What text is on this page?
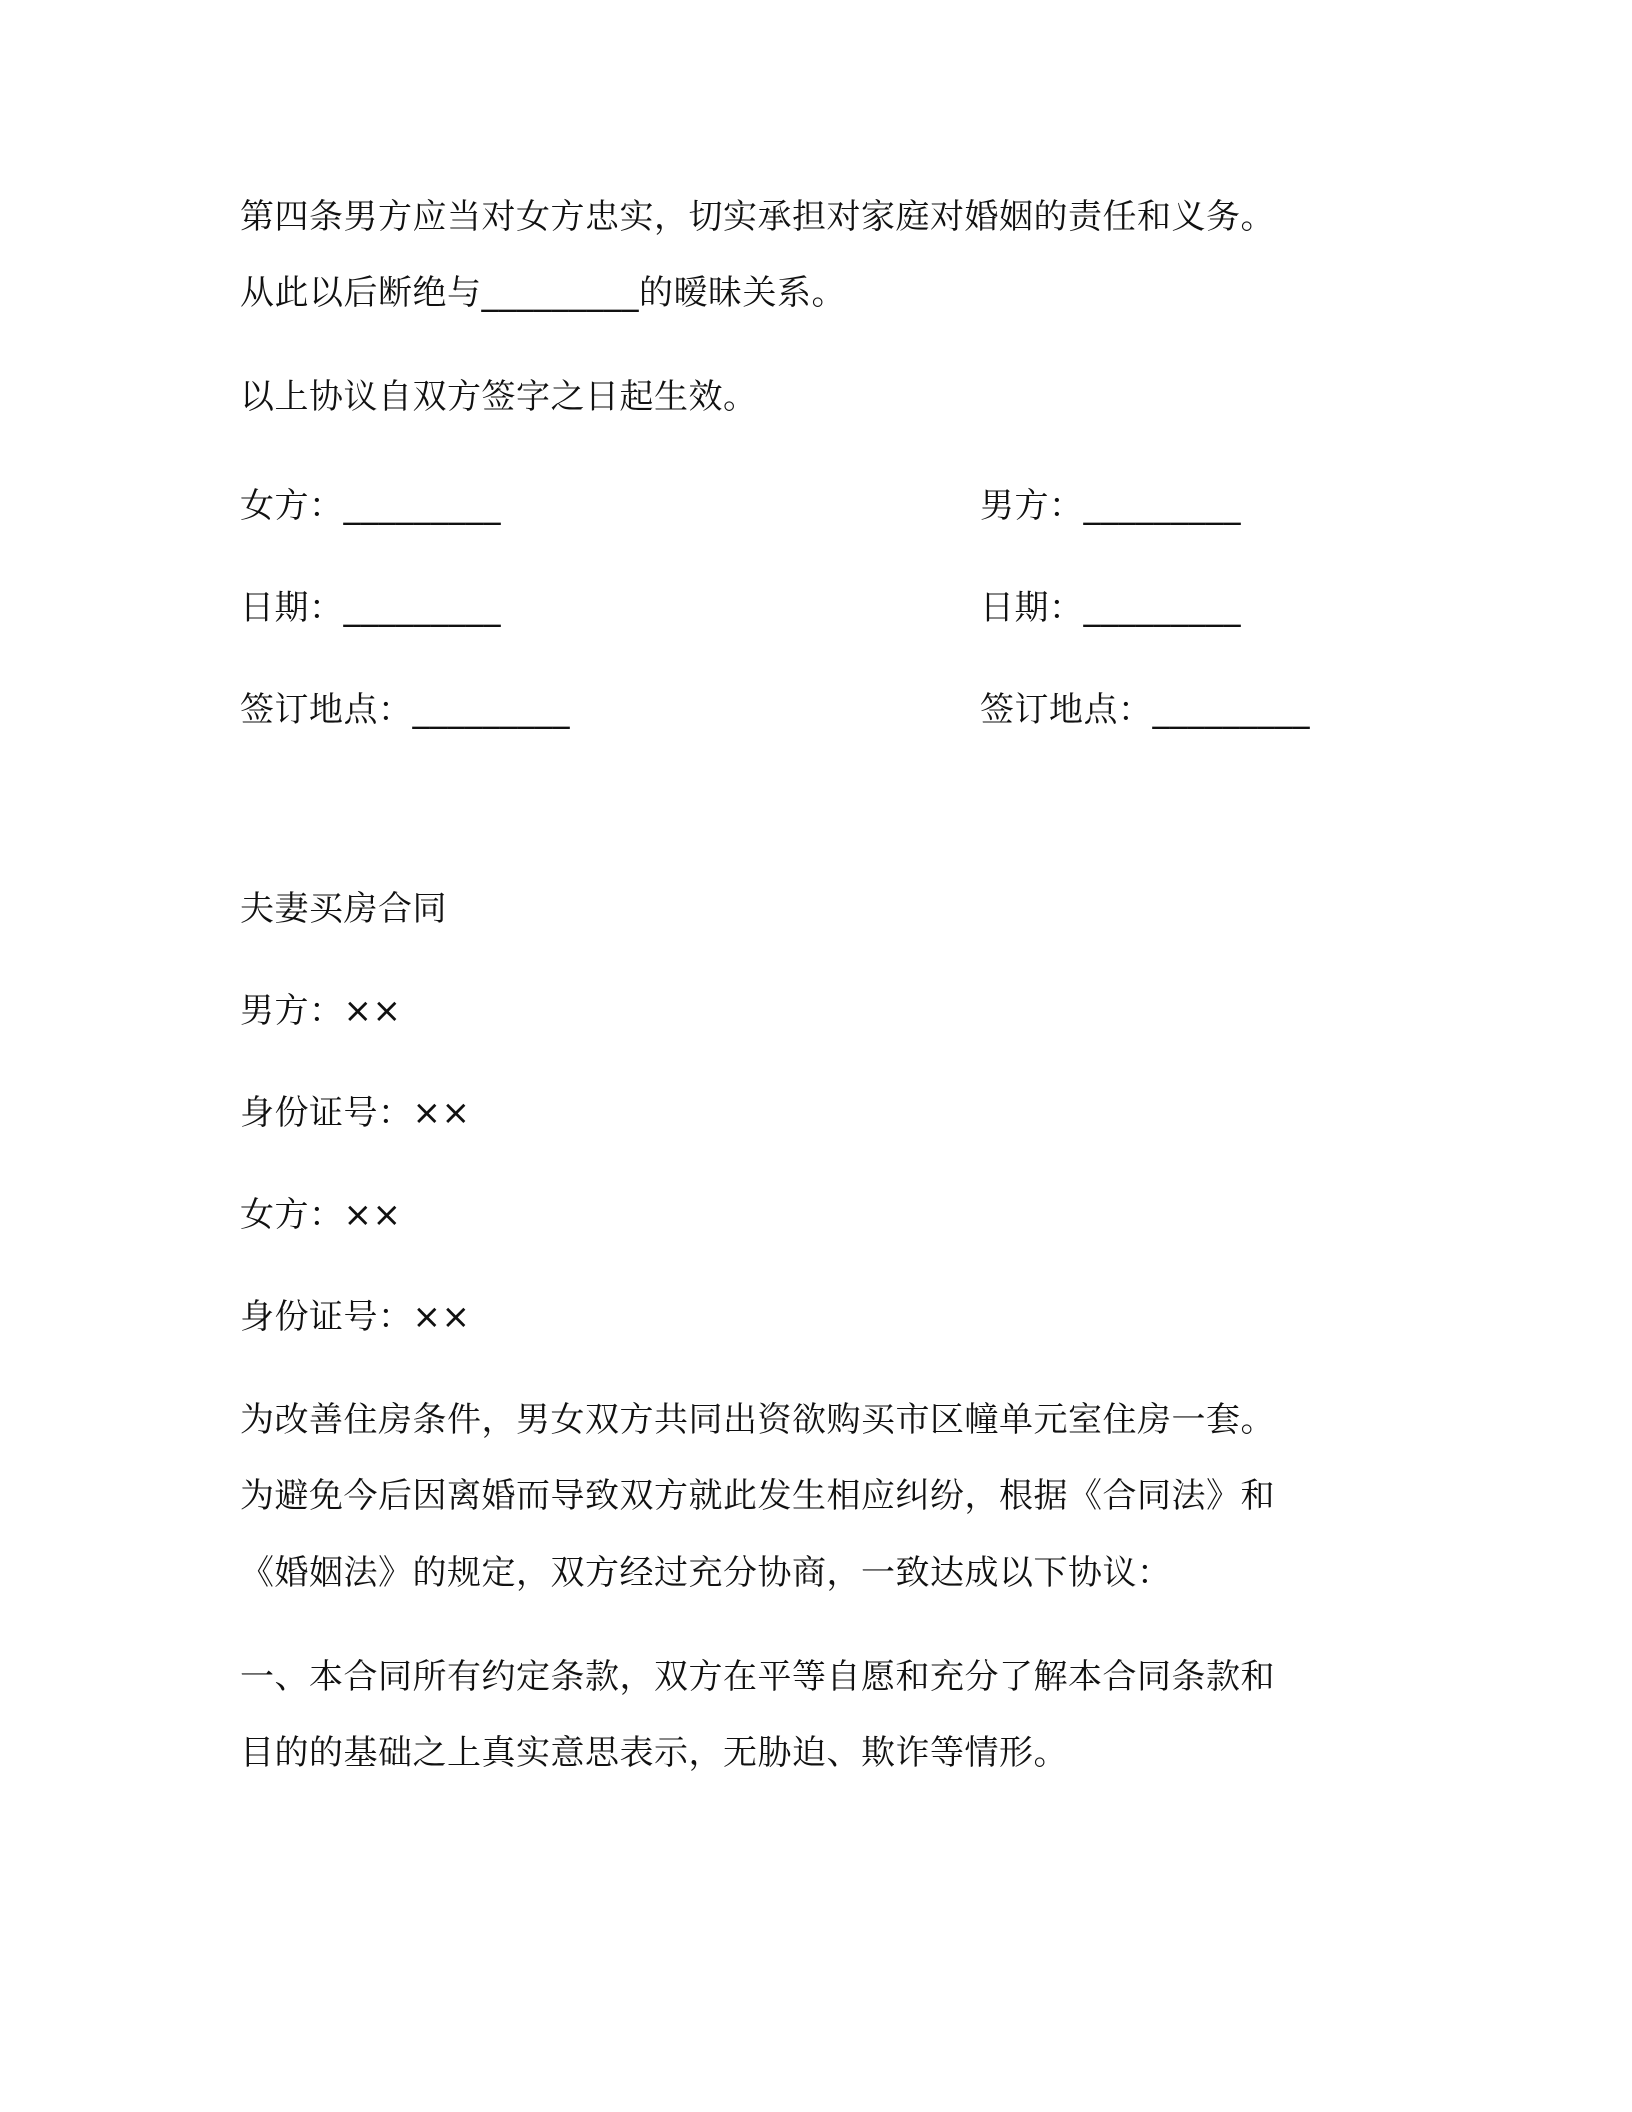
第四条男方应当对女方忠实，切实承担对家庭对婚姻的责任和义务。
从此以后断绝与_________的暧昧关系。
以上协议自双方签字之日起生效。
女方：_________	男方：_________
日期：_________	日期：_________
签订地点：_________	签订地点：_________
夫妻买房合同
男方：××
身份证号：××
女方：××
身份证号：××
为改善住房条件，男女双方共同出资欲购买市区幢单元室住房一套。
为避免今后因离婚而导致双方就此发生相应纠纷，根据《合同法》和
《婚姻法》的规定，双方经过充分协商，一致达成以下协议：
一、本合同所有约定条款，双方在平等自愿和充分了解本合同条款和
目的的基础之上真实意思表示，无胁迫、欺诈等情形。
